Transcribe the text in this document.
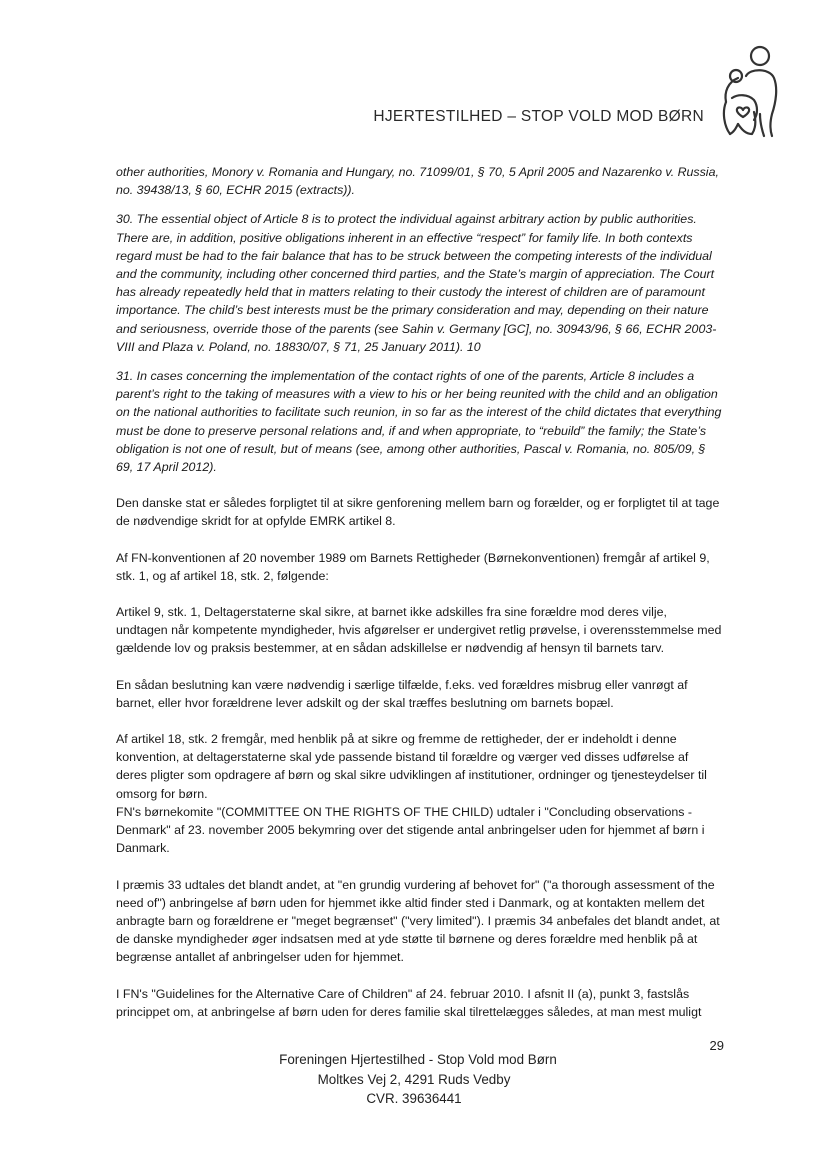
HJERTESTILHED – STOP VOLD MOD BØRN

other authorities, Monory v. Romania and Hungary, no. 71099/01, § 70, 5 April 2005 and Nazarenko v. Russia, no. 39438/13, § 60, ECHR 2015 (extracts)).

30. The essential object of Article 8 is to protect the individual against arbitrary action by public authorities. There are, in addition, positive obligations inherent in an effective “respect” for family life. In both contexts regard must be had to the fair balance that has to be struck between the competing interests of the individual and the community, including other concerned third parties, and the State’s margin of appreciation. The Court has already repeatedly held that in matters relating to their custody the interest of children are of paramount importance. The child’s best interests must be the primary consideration and may, depending on their nature and seriousness, override those of the parents (see Sahin v. Germany [GC], no. 30943/96, § 66, ECHR 2003-VIII and Plaza v. Poland, no. 18830/07, § 71, 25 January 2011). 10

31. In cases concerning the implementation of the contact rights of one of the parents, Article 8 includes a parent’s right to the taking of measures with a view to his or her being reunited with the child and an obligation on the national authorities to facilitate such reunion, in so far as the interest of the child dictates that everything must be done to preserve personal relations and, if and when appropriate, to “rebuild” the family; the State’s obligation is not one of result, but of means (see, among other authorities, Pascal v. Romania, no. 805/09, § 69, 17 April 2012).

Den danske stat er således forpligtet til at sikre genforening mellem barn og forælder, og er forpligtet til at tage de nødvendige skridt for at opfylde EMRK artikel 8.

Af FN-konventionen af 20 november 1989 om Barnets Rettigheder (Børnekonventionen) fremgår af artikel 9, stk. 1, og af artikel 18, stk. 2, følgende:

Artikel 9, stk. 1, Deltagerstaterne skal sikre, at barnet ikke adskilles fra sine forældre mod deres vilje, undtagen når kompetente myndigheder, hvis afgørelser er undergivet retlig prøvelse, i overensstemmelse med gældende lov og praksis bestemmer, at en sådan adskillelse er nødvendig af hensyn til barnets tarv.

En sådan beslutning kan være nødvendig i særlige tilfælde, f.eks. ved forældres misbrug eller vanrøgt af barnet, eller hvor forældrene lever adskilt og der skal træffes beslutning om barnets bopæl.

Af artikel 18, stk. 2 fremgår, med henblik på at sikre og fremme de rettigheder, der er indeholdt i denne konvention, at deltagerstaterne skal yde passende bistand til forældre og værger ved disses udførelse af deres pligter som opdragere af børn og skal sikre udviklingen af institutioner, ordninger og tjenesteydelser til omsorg for børn.

FN's børnekomite "(COMMITTEE ON THE RIGHTS OF THE CHILD) udtaler i "Concluding observations - Denmark" af 23. november 2005 bekymring over det stigende antal anbringelser uden for hjemmet af børn i Danmark.

I præmis 33 udtales det blandt andet, at "en grundig vurdering af behovet for" ("a thorough assessment of the need of") anbringelse af børn uden for hjemmet ikke altid finder sted i Danmark, og at kontakten mellem det anbragte barn og forældrene er "meget begrænset" ("very limited"). I præmis 34 anbefales det blandt andet, at de danske myndigheder øger indsatsen med at yde støtte til børnene og deres forældre med henblik på at begrænse antallet af anbringelser uden for hjemmet.

I FN's "Guidelines for the Alternative Care of Children" af 24. februar 2010. I afsnit II (a), punkt 3, fastslås princippet om, at anbringelse af børn uden for deres familie skal tilrettelægges således, at man mest muligt

29
Foreningen Hjertestilhed - Stop Vold mod Børn
Moltkes Vej 2, 4291 Ruds Vedby
CVR. 39636441
